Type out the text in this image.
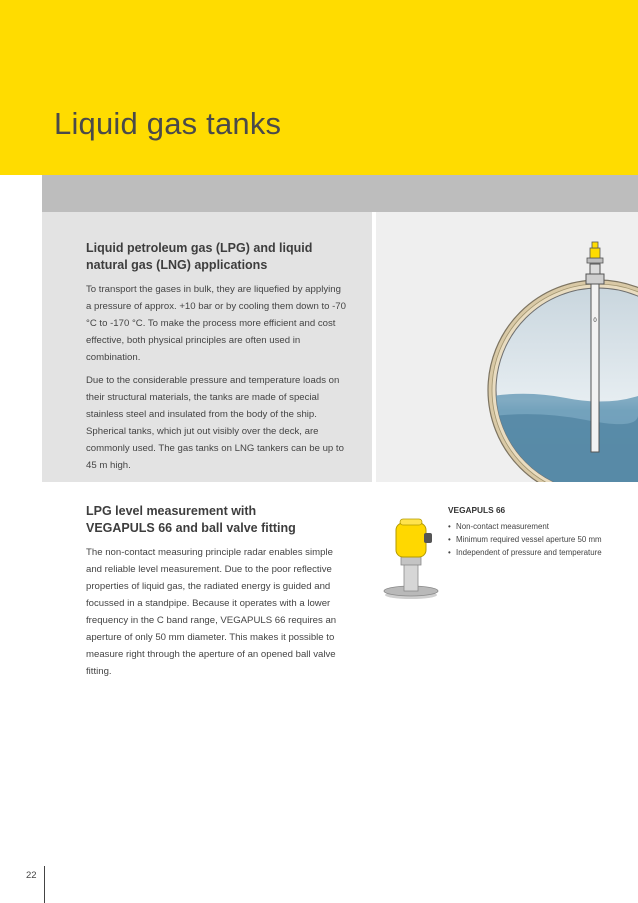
Liquid gas tanks
0
Liquid petroleum gas (LPG) and liquid
natural gas (LNG) applications

To transport the gases in bulk, they are liquefied by applying a pressure of approx. +10 bar or by cooling them down to -70 °C to -170 °C. To make the process more efficient and cost effective, both physical principles are often used in combination.

Due to the considerable pressure and temperature loads on their structural materials, the tanks are made of special stainless steel and insulated from the body of the ship. Spherical tanks, which jut out visibly over the deck, are commonly used. The gas tanks on LNG tankers can be up to 45 m high.

LPG level measurement with
VEGAPULS 66 and ball valve fitting

The non-contact measuring principle radar enables simple and reliable level measurement. Due to the poor reflective properties of liquid gas, the radiated energy is guided and focussed in a standpipe. Because it operates with a lower frequency in the C band range, VEGAPULS 66 requires an aperture of only 50 mm diameter. This makes it possible to measure right through the aperture of an opened ball valve fitting.

VEGAPULS 66
• Non-contact measurement
• Minimum required vessel aperture 50 mm
• Independent of pressure and temperature
22
